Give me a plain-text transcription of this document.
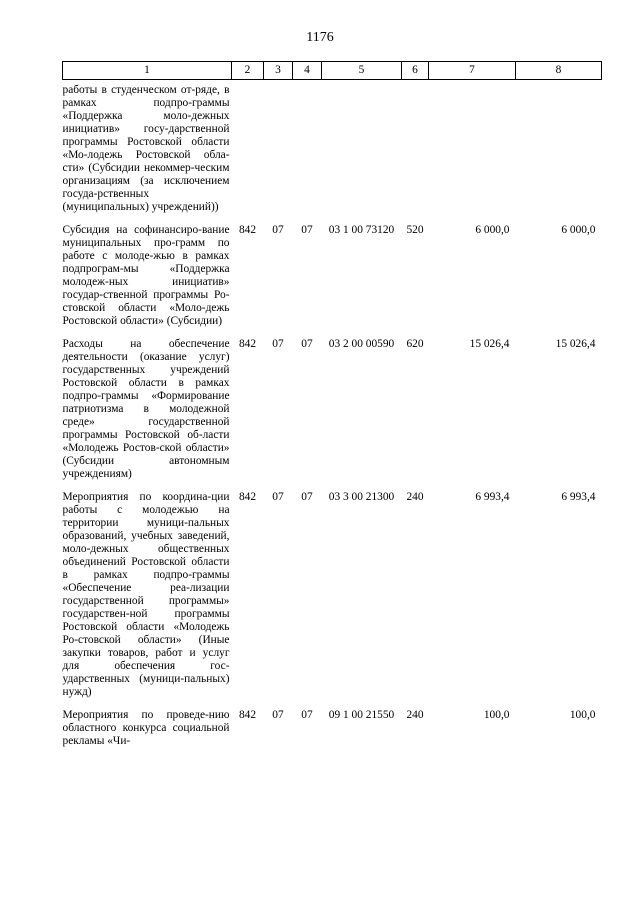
1176
1	2	3	4	5	6	7	8
работы в студенческом от-ряде, в рамках подпро-граммы «Поддержка моло-дежных инициатив» госу-дарственной программы Ростовской области «Мо-лодежь Ростовской обла-сти» (Субсидии некоммер-ческим организациям (за исключением госуда-рственных (муниципальных) учреждений))							
Субсидия на софинансиро-вание муниципальных про-грамм по работе с молоде-жью в рамках подпрограм-мы «Поддержка молодеж-ных инициатив» государ-ственной программы Ро-стовской области «Моло-дежь Ростовской области» (Субсидии)	842	07	07	03 1 00 73120	520	6 000,0	6 000,0
Расходы на обеспечение деятельности (оказание услуг) государственных учреждений Ростовской области в рамках подпро-граммы «Формирование патриотизма в молодежной среде» государственной программы Ростовской об-ласти «Молодежь Ростов-ской области» (Субсидии автономным учреждениям)	842	07	07	03 2 00 00590	620	15 026,4	15 026,4
Мероприятия по координа-ции работы с молодежью на территории муници-пальных образований, учебных заведений, моло-дежных общественных объединений Ростовской области в рамках подпро-граммы «Обеспечение реа-лизации государственной программы» государствен-ной программы Ростовской области «Молодежь Ро-стовской области» (Иные закупки товаров, работ и услуг для обеспечения гос-ударственных (муници-пальных) нужд)	842	07	07	03 3 00 21300	240	6 993,4	6 993,4
Мероприятия по проведе-нию областного конкурса социальной рекламы «Чи-	842	07	07	09 1 00 21550	240	100,0	100,0
